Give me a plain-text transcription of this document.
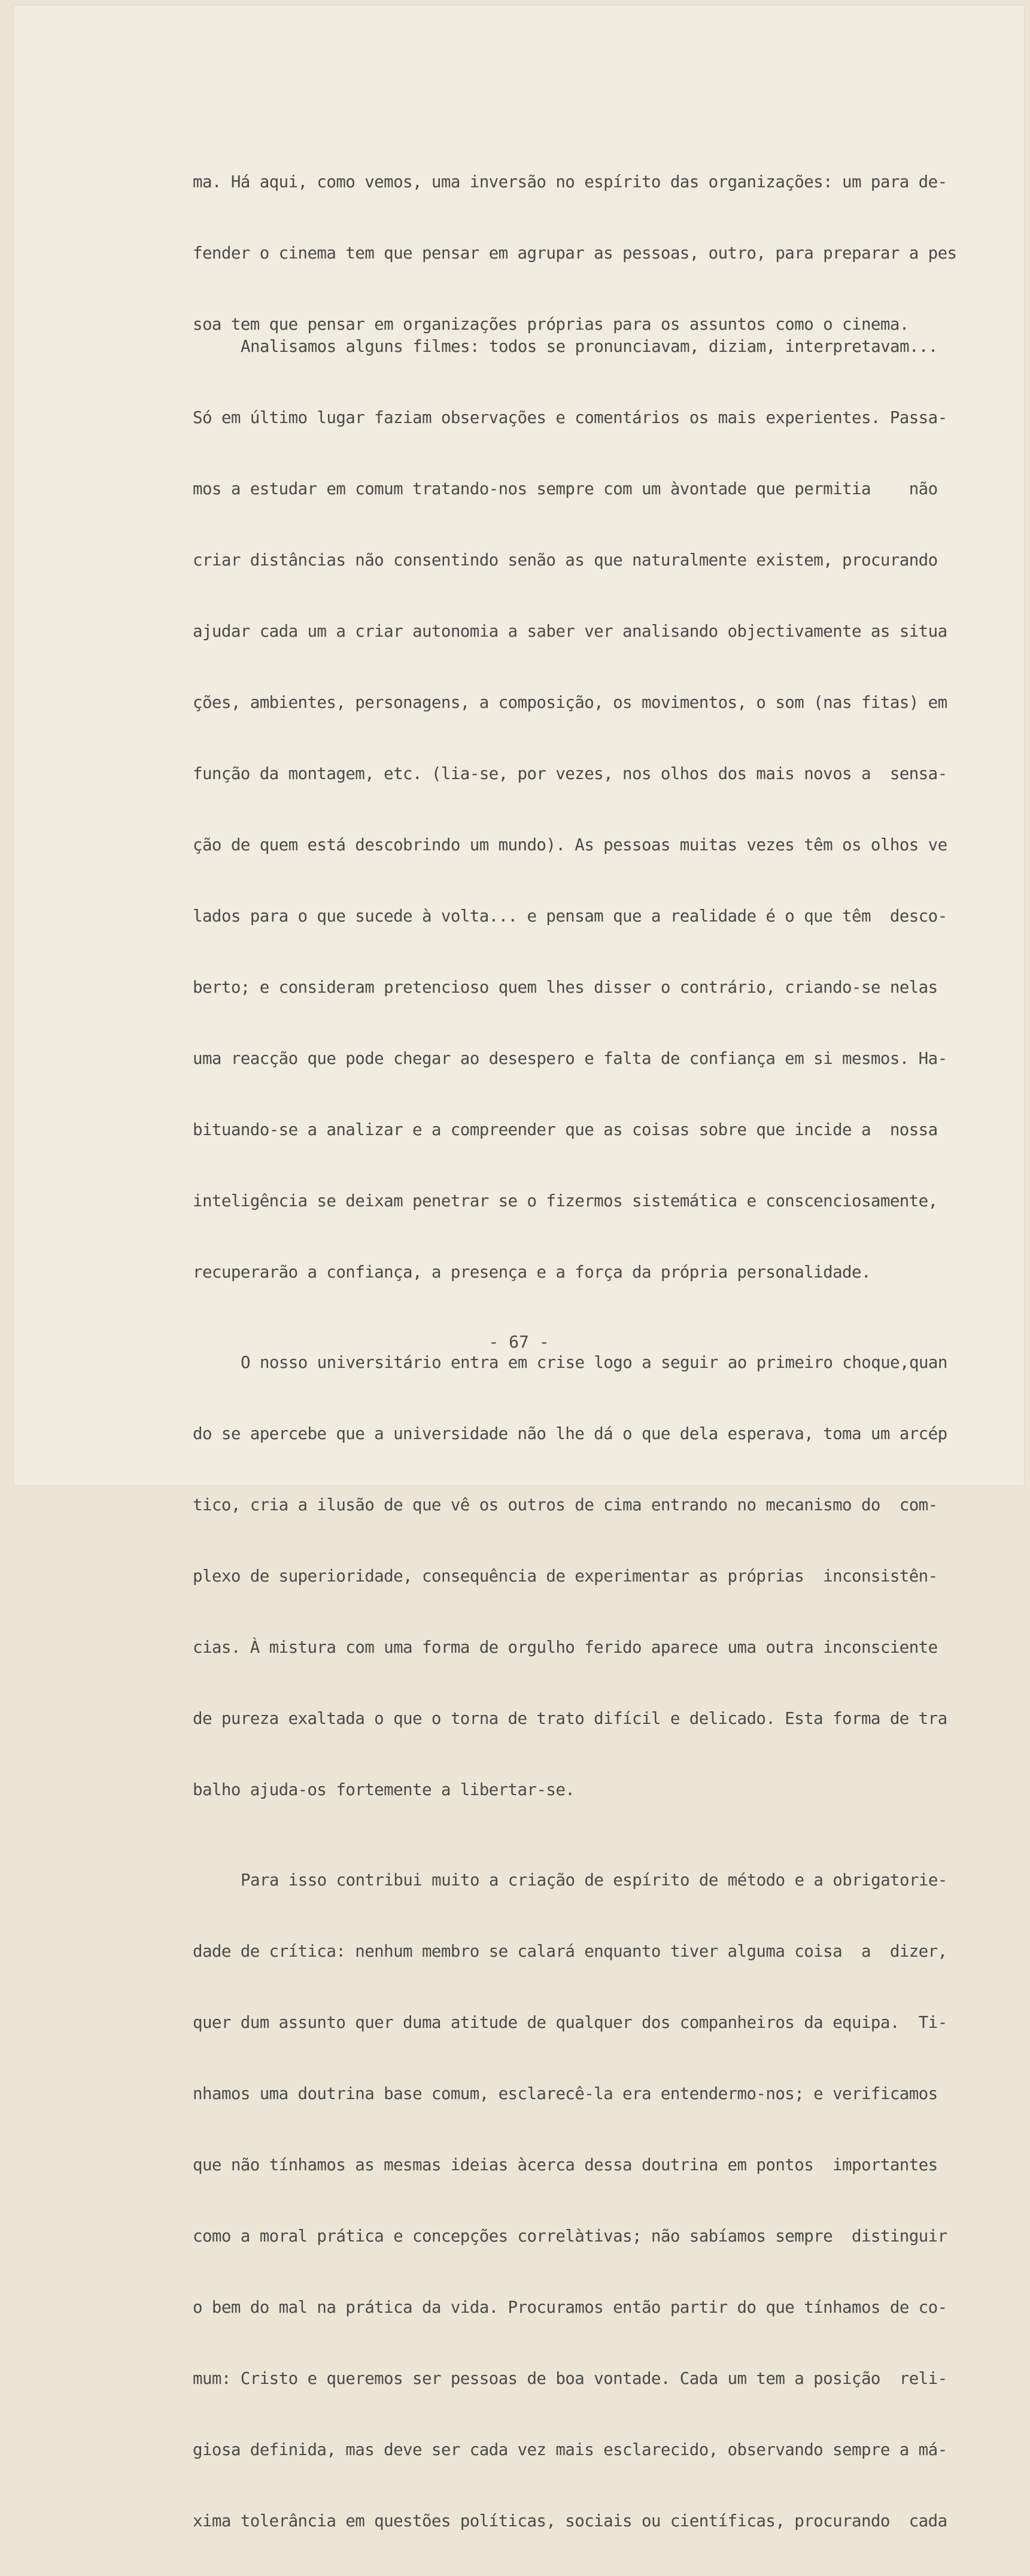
ma. Há aqui, como vemos, uma inversão no espírito das organizações: um para de-

fender o cinema tem que pensar em agrupar as pessoas, outro, para preparar a pes

soa tem que pensar em organizações próprias para os assuntos como o cinema.

Analisamos alguns filmes: todos se pronunciavam, diziam, interpretavam...

Só em último lugar faziam observações e comentários os mais experientes. Passa-

mos a estudar em comum tratando-nos sempre com um àvontade que permitia    não

criar distâncias não consentindo senão as que naturalmente existem, procurando

ajudar cada um a criar autonomia a saber ver analisando objectivamente as situa

ções, ambientes, personagens, a composição, os movimentos, o som (nas fitas) em

função da montagem, etc. (lia-se, por vezes, nos olhos dos mais novos a  sensa-

ção de quem está descobrindo um mundo). As pessoas muitas vezes têm os olhos ve

lados para o que sucede à volta... e pensam que a realidade é o que têm  desco-

berto; e consideram pretencioso quem lhes disser o contrário, criando-se nelas

uma reacção que pode chegar ao desespero e falta de confiança em si mesmos. Ha-

bituando-se a analizar e a compreender que as coisas sobre que incide a  nossa

inteligência se deixam penetrar se o fizermos sistemática e conscenciosamente,

recuperarão a confiança, a presença e a força da própria personalidade.

O nosso universitário entra em crise logo a seguir ao primeiro choque,quan

do se apercebe que a universidade não lhe dá o que dela esperava, toma um arcép

tico, cria a ilusão de que vê os outros de cima entrando no mecanismo do  com-

plexo de superioridade, consequência de experimentar as próprias  inconsistên-

cias. À mistura com uma forma de orgulho ferido aparece uma outra inconsciente

de pureza exaltada o que o torna de trato difícil e delicado. Esta forma de tra

balho ajuda-os fortemente a libertar-se.

Para isso contribui muito a criação de espírito de método e a obrigatorie-

dade de crítica: nenhum membro se calará enquanto tiver alguma coisa  a  dizer,

quer dum assunto quer duma atitude de qualquer dos companheiros da equipa.  Ti-

nhamos uma doutrina base comum, esclarecê-la era entendermo-nos; e verificamos

que não tínhamos as mesmas ideias àcerca dessa doutrina em pontos  importantes

como a moral prática e concepções correlàtivas; não sabíamos sempre  distinguir

o bem do mal na prática da vida. Procuramos então partir do que tínhamos de co-

mum: Cristo e queremos ser pessoas de boa vontade. Cada um tem a posição  reli-

giosa definida, mas deve ser cada vez mais esclarecido, observando sempre a má-

xima tolerância em questões políticas, sociais ou científicas, procurando  cada

- 67 -
